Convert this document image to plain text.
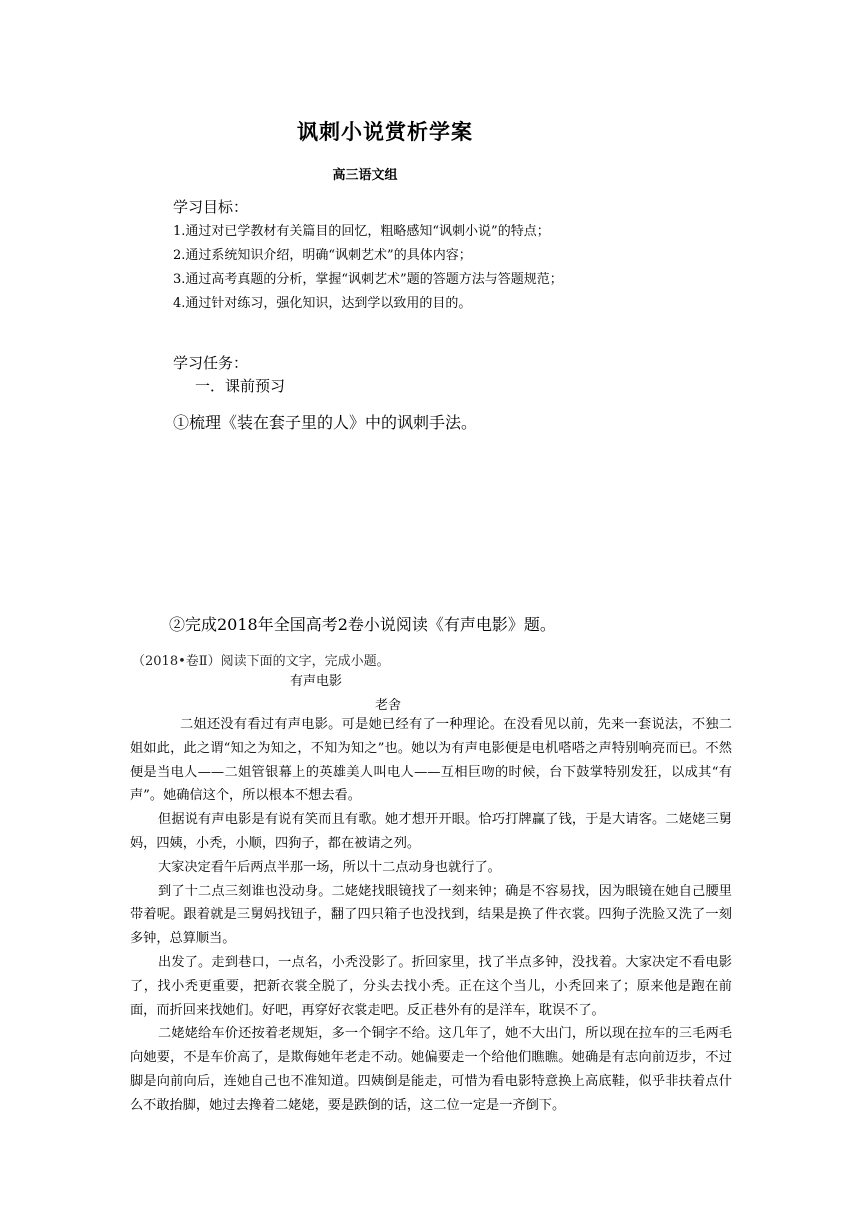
讽刺小说赏析学案
高三语文组
学习目标：
1.通过对已学教材有关篇目的回忆，粗略感知“讽刺小说”的特点；
2.通过系统知识介绍，明确“讽刺艺术”的具体内容；
3.通过高考真题的分析，掌握“讽刺艺术”题的答题方法与答题规范；
4.通过针对练习，强化知识，达到学以致用的目的。
学习任务：
一．课前预习
①梳理《装在套子里的人》中的讽刺手法。
②完成2018年全国高考2卷小说阅读《有声电影》题。
（2018•卷Ⅱ）阅读下面的文字，完成小题。
有声电影
老舍

二姐还没有看过有声电影。可是她已经有了一种理论。在没看见以前，先来一套说法，不独二姐如此，此之谓“知之为知之，不知为知之”也。她以为有声电影便是电机嗒嗒之声特别响亮而已。不然便是当电人——二姐管银幕上的英雄美人叫电人——互相巨吻的时候，台下鼓掌特别发狂，以成其“有声”。她确信这个，所以根本不想去看。

但据说有声电影是有说有笑而且有歌。她才想开开眼。恰巧打牌赢了钱，于是大请客。二姥姥三舅妈，四姨，小秃，小顺，四狗子，都在被请之列。

大家决定看午后两点半那一场，所以十二点动身也就行了。

到了十二点三刻谁也没动身。二姥姥找眼镜找了一刻来钟；确是不容易找，因为眼镜在她自己腰里带着呢。跟着就是三舅妈找钮子，翻了四只箱子也没找到，结果是换了件衣裳。四狗子洗脸又洗了一刻多钟，总算顺当。

出发了。走到巷口，一点名，小秃没影了。折回家里，找了半点多钟，没找着。大家决定不看电影了，找小秃更重要，把新衣裳全脱了，分头去找小秃。正在这个当儿，小秃回来了；原来他是跑在前面，而折回来找她们。好吧，再穿好衣裳走吧。反正巷外有的是洋车，耽误不了。

二姥姥给车价还按着老规矩，多一个铜字不给。这几年了，她不大出门，所以现在拉车的三毛两毛向她要，不是车价高了，是欺侮她年老走不动。她偏要走一个给他们瞧瞧。她确是有志向前迈步，不过脚是向前向后，连她自己也不准知道。四姨倒是能走，可惜为看电影特意换上高底鞋，似乎非扶着点什么不敢抬脚，她过去搀着二姥姥，要是跌倒的话，这二位一定是一齐倒下。
